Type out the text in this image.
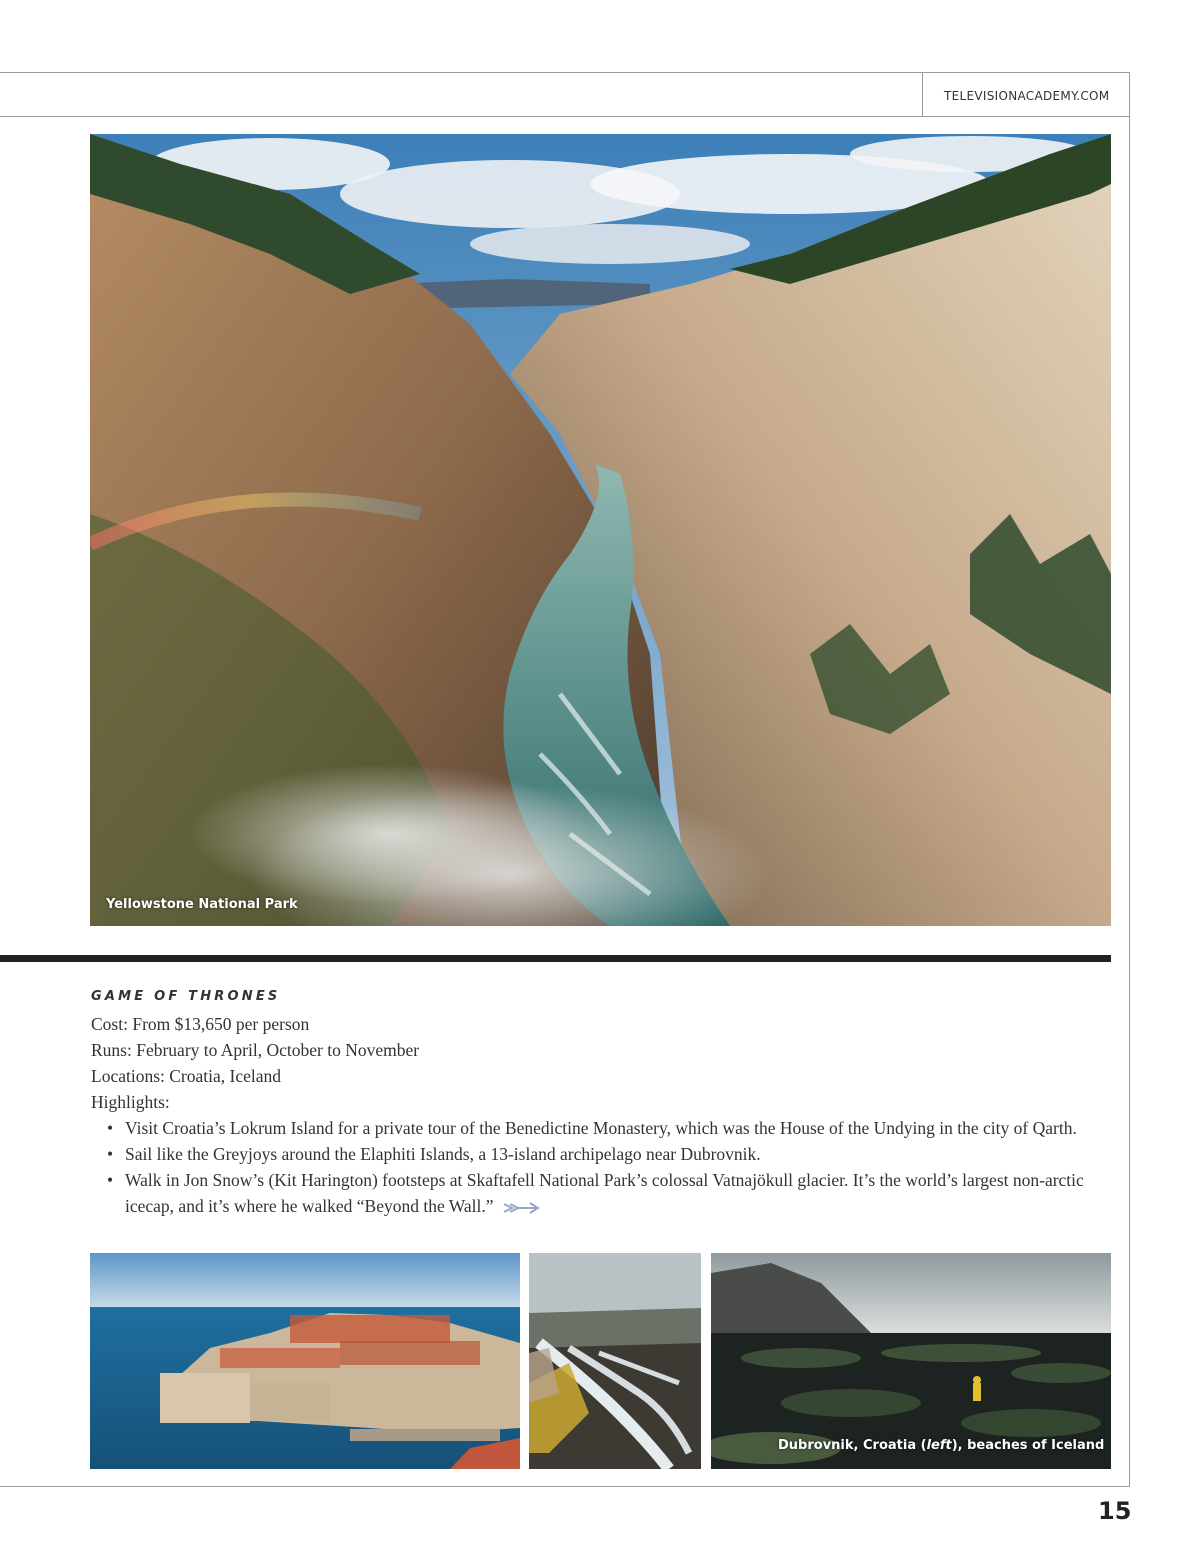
TELEVISIONACADEMY.COM
Yellowstone National Park
GAME OF THRONES

Cost: From $13,650 per person

Runs: February to April, October to November

Locations: Croatia, Iceland

Highlights:

• Visit Croatia’s Lokrum Island for a private tour of the Benedictine Monastery, which was the House of the Undying in the city of Qarth.
• Sail like the Greyjoys around the Elaphiti Islands, a 13-island archipelago near Dubrovnik.
• Walk in Jon Snow’s (Kit Harington) footsteps at Skaftafell National Park’s colossal Vatnajökull glacier. It’s the world’s largest non-arctic icecap, and it’s where he walked “Beyond the Wall.”
Dubrovnik, Croatia (left), beaches of Iceland
15
